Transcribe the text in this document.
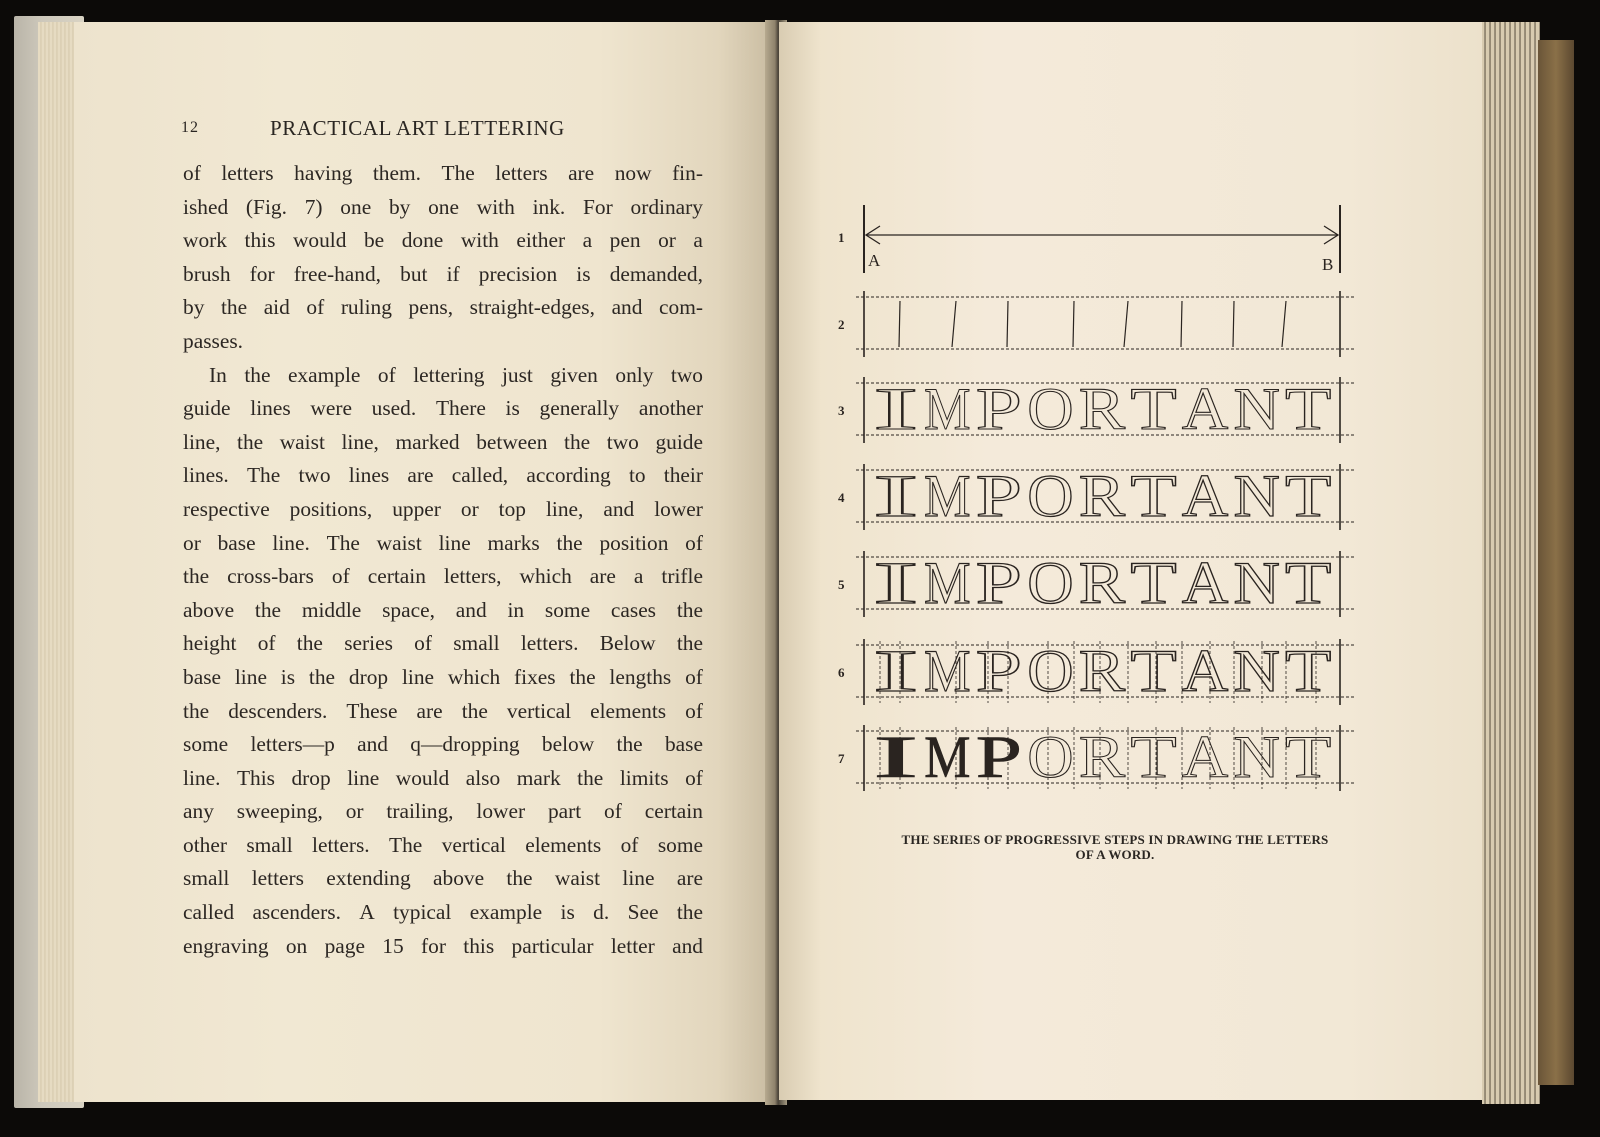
12	PRACTICAL ART LETTERING
of letters having them. The letters are now fin-
ished (Fig. 7) one by one with ink. For ordinary
work this would be done with either a pen or a
brush for free-hand, but if precision is demanded,
by the aid of ruling pens, straight-edges, and com-
passes.
In the example of lettering just given only two
guide lines were used. There is generally another
line, the waist line, marked between the two guide
lines. The two lines are called, according to their
respective positions, upper or top line, and lower
or base line. The waist line marks the position of
the cross-bars of certain letters, which are a trifle
above the middle space, and in some cases the
height of the series of small letters. Below the
base line is the drop line which fixes the lengths of
the descenders. These are the vertical elements of
some letters—p and q—dropping below the base
line. This drop line would also mark the limits of
any sweeping, or trailing, lower part of certain
other small letters. The vertical elements of some
small letters extending above the waist line are
called ascenders. A typical example is d. See the
engraving on page 15 for this particular letter and
1
2
3
4
5
6
7
A	B
I M P O R T A N T
I M P O R T A N T
I M P O R T A N T
I M P O R T A N T
I M P O R T A N T
THE SERIES OF PROGRESSIVE STEPS IN DRAWING THE LETTERS
OF A WORD.
